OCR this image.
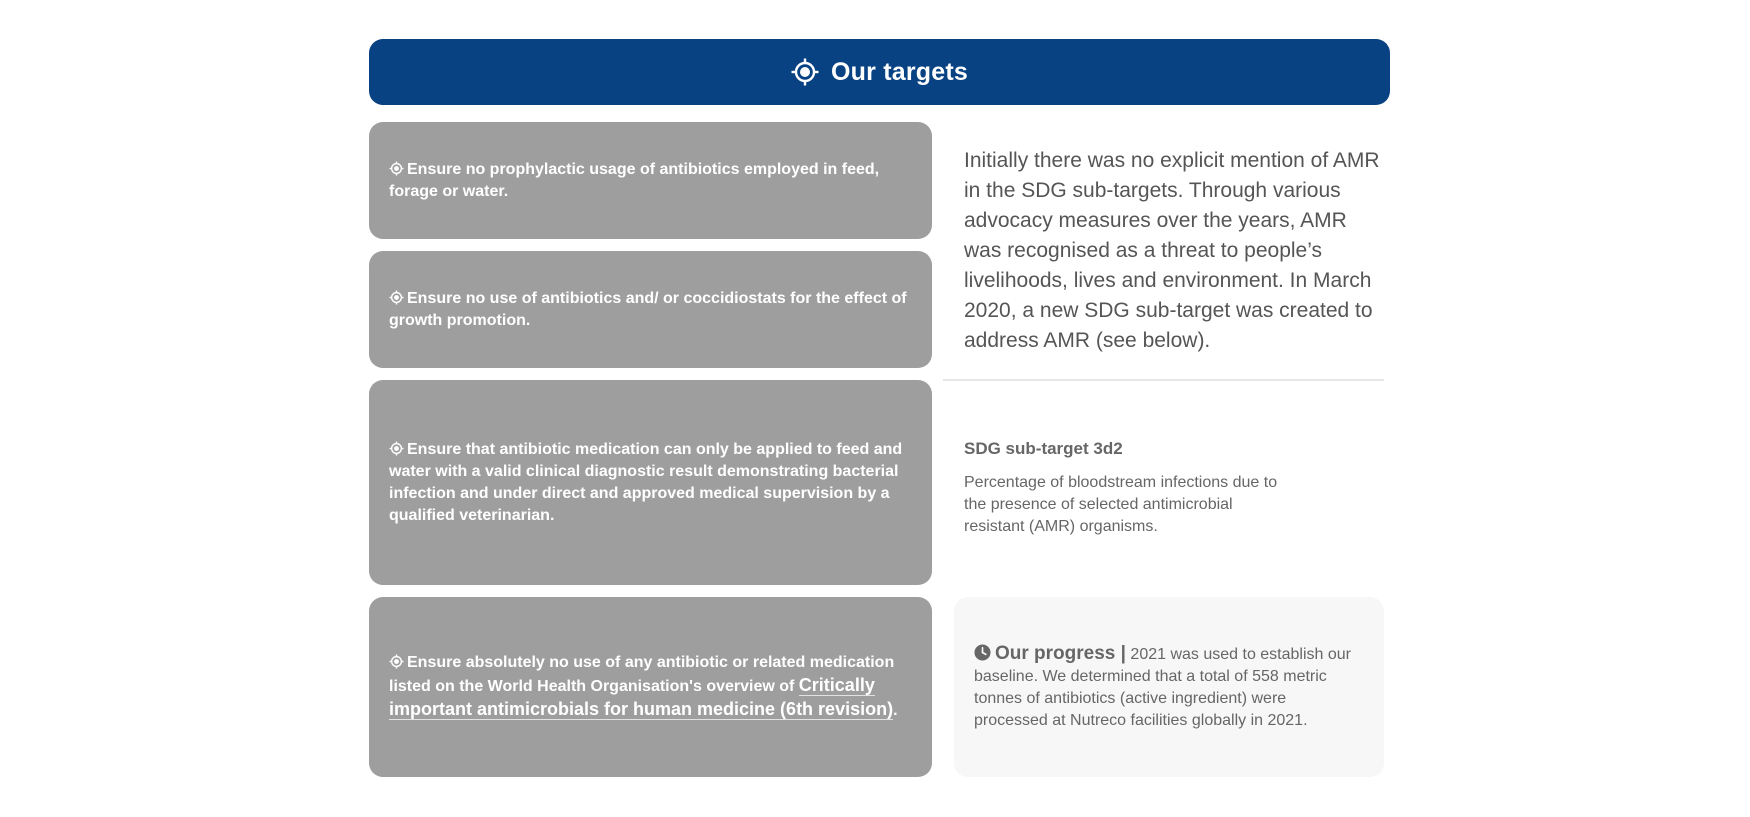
Our targets
Ensure no prophylactic usage of antibiotics employed in feed, forage or water.
Ensure no use of antibiotics and/ or coccidiostats for the effect of growth promotion.
Ensure that antibiotic medication can only be applied to feed and water with a valid clinical diagnostic result demonstrating bacterial infection and under direct and approved medical supervision by a qualified veterinarian.
Ensure absolutely no use of any antibiotic or related medication listed on the World Health Organisation's overview of Critically important antimicrobials for human medicine (6th revision).

Initially there was no explicit mention of AMR in the SDG sub-targets. Through various advocacy measures over the years, AMR was recognised as a threat to people’s livelihoods, lives and environment. In March 2020, a new SDG sub-target was created to address AMR (see below).

SDG sub-target 3d2
Percentage of bloodstream infections due to the presence of selected antimicrobial resistant (AMR) organisms.
Our progress | 2021 was used to establish our baseline. We determined that a total of 558 metric tonnes of antibiotics (active ingredient) were processed at Nutreco facilities globally in 2021.
